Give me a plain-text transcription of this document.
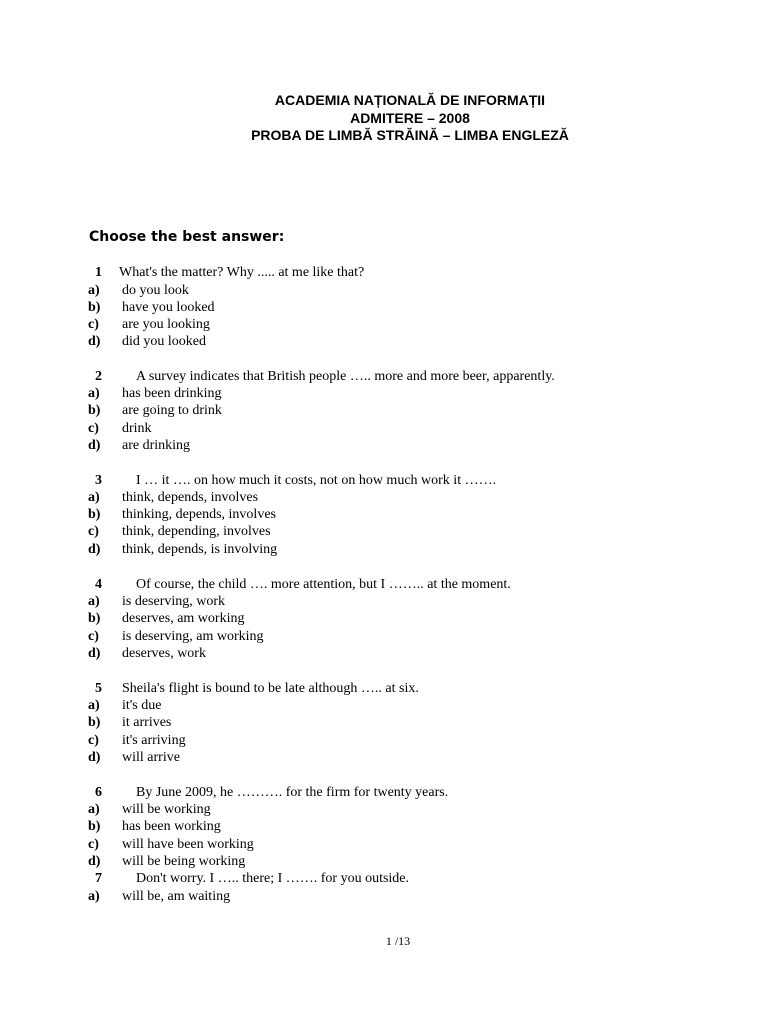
ACADEMIA NAȚIONALĂ DE INFORMAȚII
ADMITERE – 2008
PROBA DE LIMBĂ STRĂINĂ – LIMBA ENGLEZĂ
Choose the best answer:
1 What's the matter? Why ..... at me like that?
a) do you look
b) have you looked
c) are you looking
d) did you looked
2 A survey indicates that British people ….. more and more beer, apparently.
a) has been drinking
b) are going to drink
c) drink
d) are drinking
3 I … it …. on how much it costs, not on how much work it …….
a) think, depends, involves
b) thinking, depends, involves
c) think, depending, involves
d) think, depends, is involving
4 Of course, the child …. more attention, but I …….. at the moment.
a) is deserving, work
b) deserves, am working
c) is deserving, am working
d) deserves, work
5 Sheila's flight is bound to be late although ….. at six.
a) it's due
b) it arrives
c) it's arriving
d) will arrive
6 By June 2009, he ………. for the firm for twenty years.
a) will be working
b) has been working
c) will have been working
d) will be being working
7 Don't worry. I ….. there; I ……. for you outside.
a) will be, am waiting
1 /13
